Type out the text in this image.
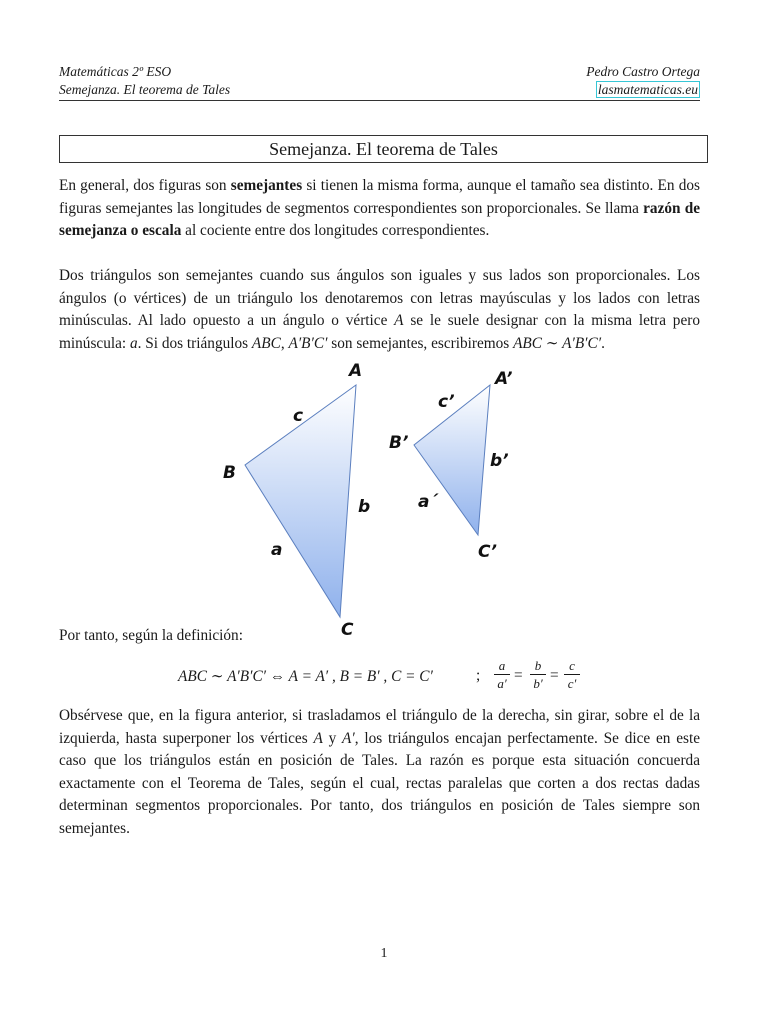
Matemáticas 2º ESO
Semejanza. El teorema de Tales
Pedro Castro Ortega
lasmatematicas.eu
Semejanza. El teorema de Tales

En general, dos figuras son semejantes si tienen la misma forma, aunque el tamaño sea distinto. En dos figuras semejantes las longitudes de segmentos correspondientes son proporcionales. Se llama razón de semejanza o escala al cociente entre dos longitudes correspondientes.

Dos triángulos son semejantes cuando sus ángulos son iguales y sus lados son proporcionales. Los ángulos (o vértices) de un triángulo los denotaremos con letras mayúsculas y los lados con letras minúsculas. Al lado opuesto a un ángulo o vértice A se le suele designar con la misma letra pero minúscula: a. Si dos triángulos ABC, A′B′C′ son semejantes, escribiremos ABC ∼ A′B′C′.

A
B
C
a
b
c
A’
B’
C’
a´
b’
c’

Por tanto, según la definición:

ABC ∼ A′B′C′ ⇔ A = A′ , B = B′ , C = C′	; $\frac{a}{a'} = \frac{b}{b'} = \frac{c}{c'}$

Obsérvese que, en la figura anterior, si trasladamos el triángulo de la derecha, sin girar, sobre el de la izquierda, hasta superponer los vértices A y A′, los triángulos encajan perfectamente. Se dice en este caso que los triángulos están en posición de Tales. La razón es porque esta situación concuerda exactamente con el Teorema de Tales, según el cual, rectas paralelas que corten a dos rectas dadas determinan segmentos proporcionales. Por tanto, dos triángulos en posición de Tales siempre son semejantes.

1
